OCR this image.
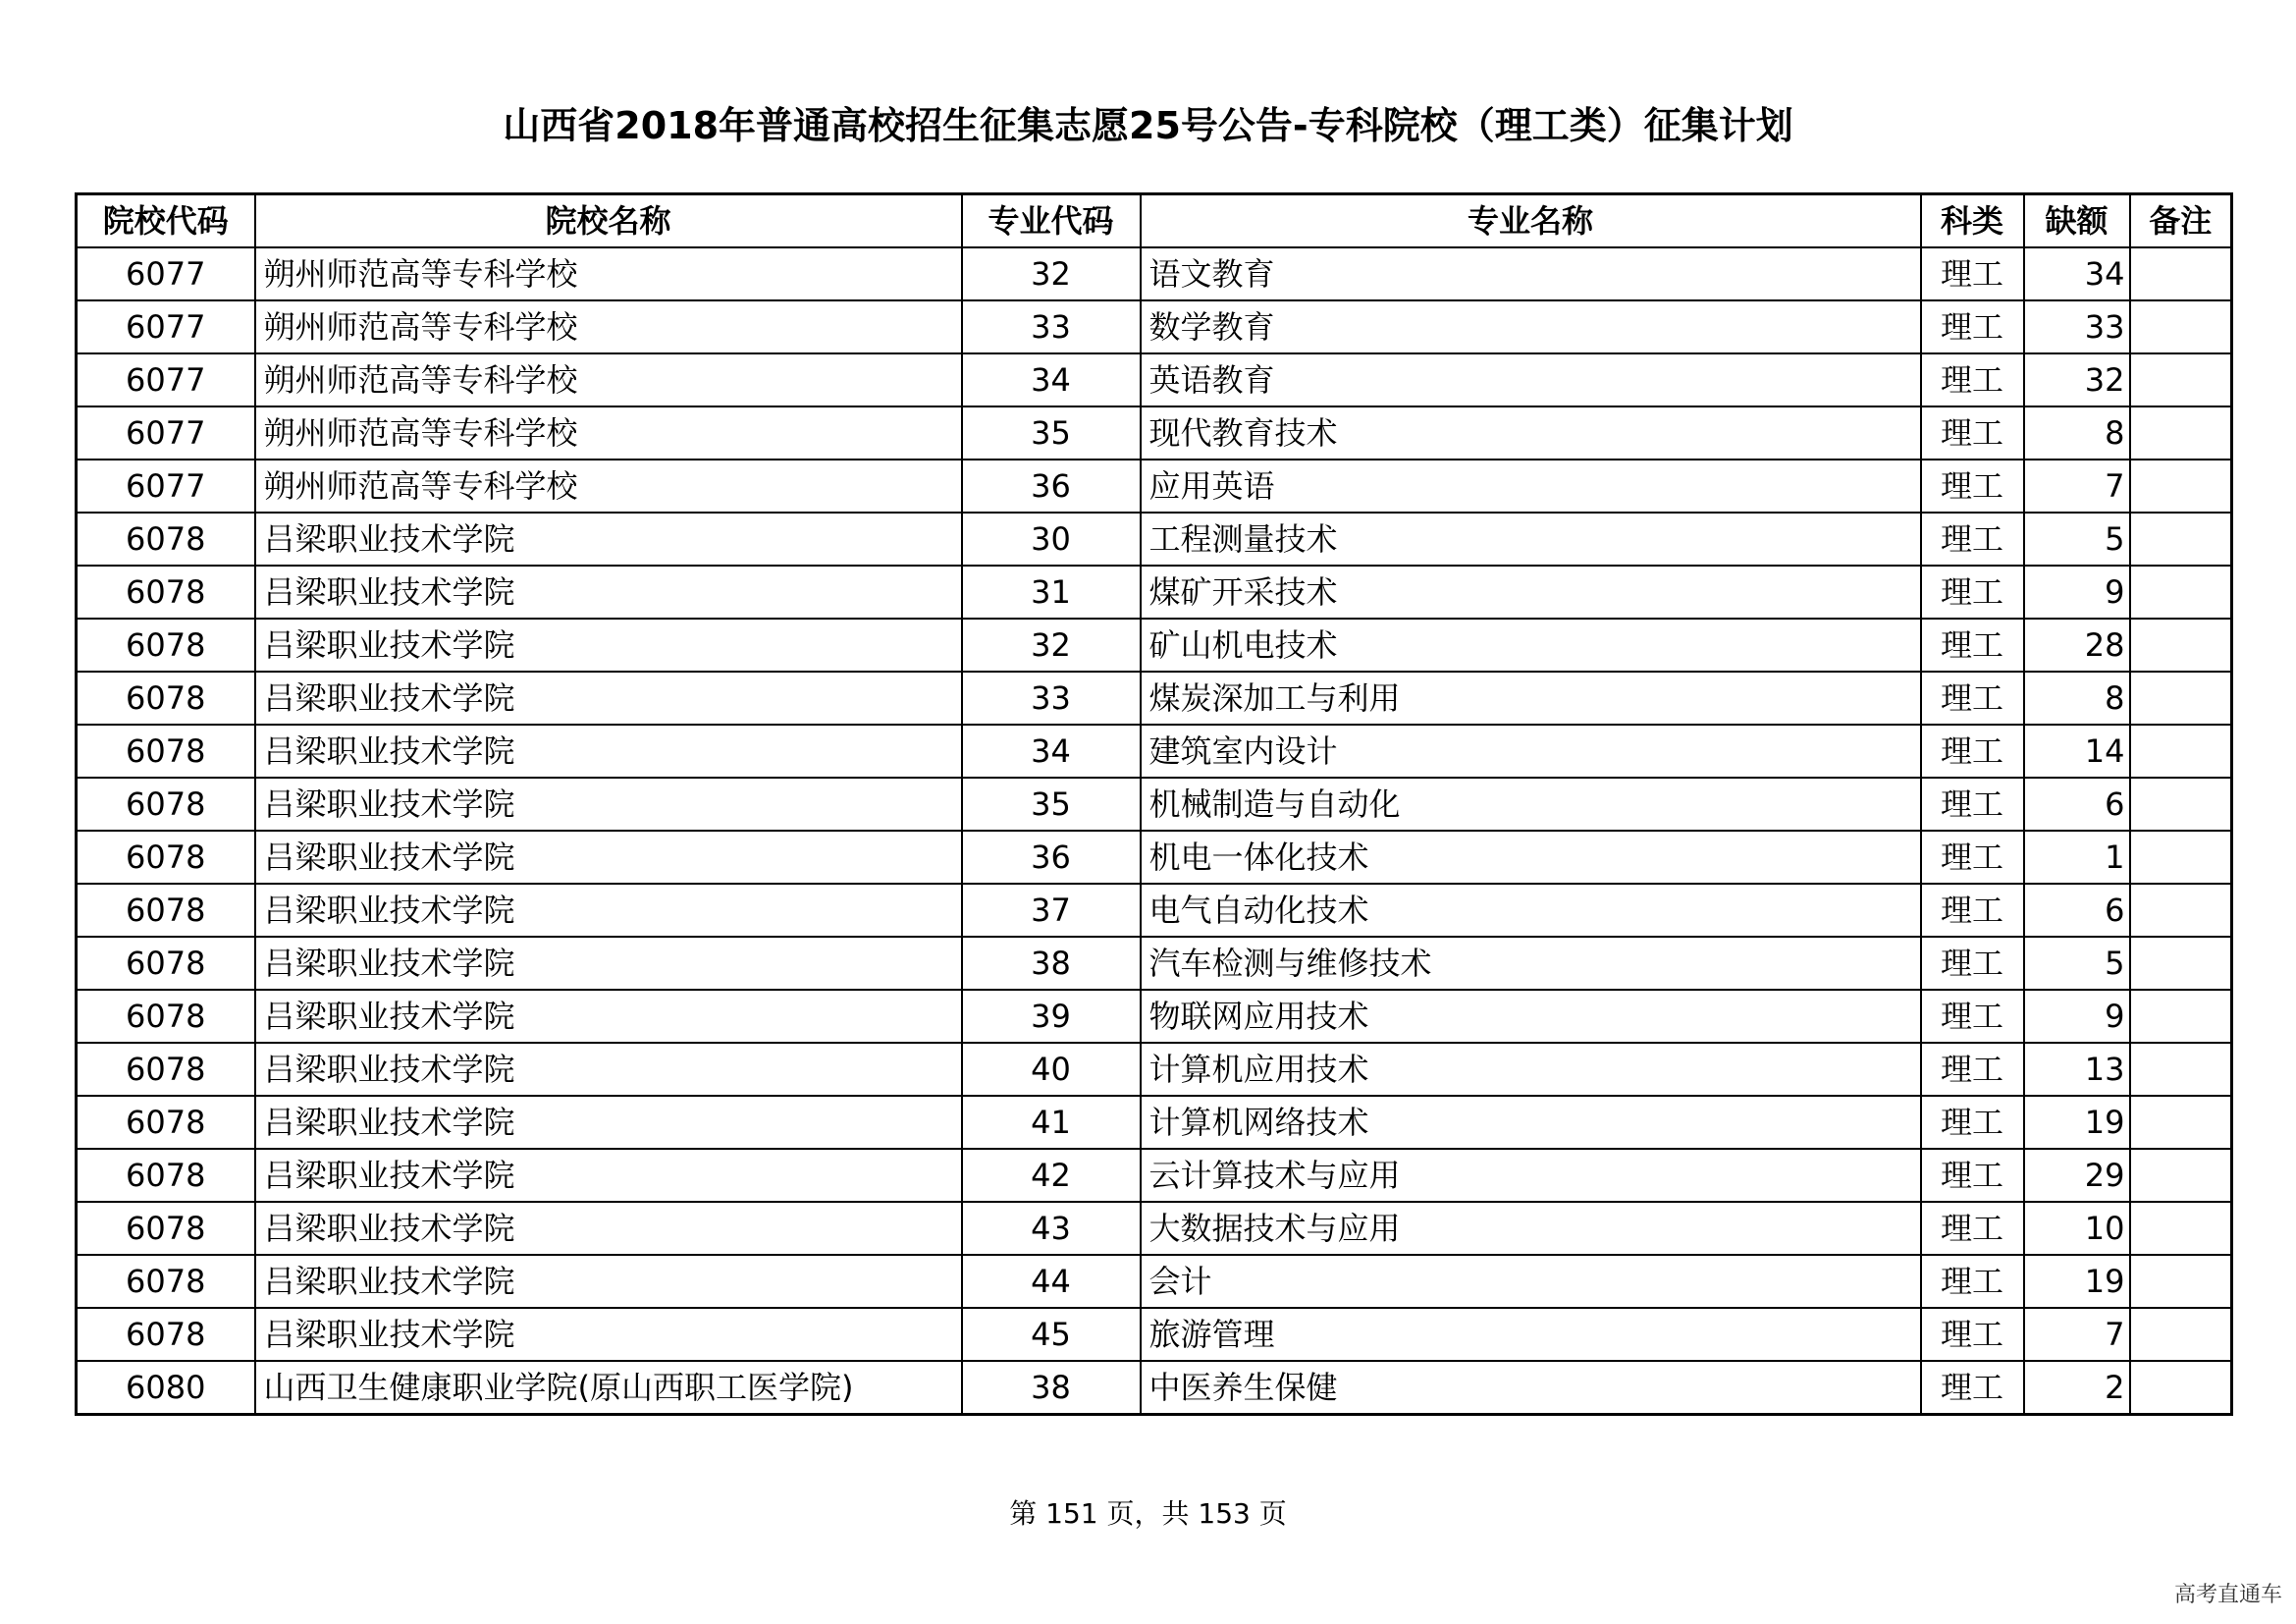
山西省2018年普通高校招生征集志愿25号公告-专科院校（理工类）征集计划
院校代码	院校名称	专业代码	专业名称	科类	缺额	备注
6077	朔州师范高等专科学校	32	语文教育	理工	34	
6077	朔州师范高等专科学校	33	数学教育	理工	33	
6077	朔州师范高等专科学校	34	英语教育	理工	32	
6077	朔州师范高等专科学校	35	现代教育技术	理工	8	
6077	朔州师范高等专科学校	36	应用英语	理工	7	
6078	吕梁职业技术学院	30	工程测量技术	理工	5	
6078	吕梁职业技术学院	31	煤矿开采技术	理工	9	
6078	吕梁职业技术学院	32	矿山机电技术	理工	28	
6078	吕梁职业技术学院	33	煤炭深加工与利用	理工	8	
6078	吕梁职业技术学院	34	建筑室内设计	理工	14	
6078	吕梁职业技术学院	35	机械制造与自动化	理工	6	
6078	吕梁职业技术学院	36	机电一体化技术	理工	1	
6078	吕梁职业技术学院	37	电气自动化技术	理工	6	
6078	吕梁职业技术学院	38	汽车检测与维修技术	理工	5	
6078	吕梁职业技术学院	39	物联网应用技术	理工	9	
6078	吕梁职业技术学院	40	计算机应用技术	理工	13	
6078	吕梁职业技术学院	41	计算机网络技术	理工	19	
6078	吕梁职业技术学院	42	云计算技术与应用	理工	29	
6078	吕梁职业技术学院	43	大数据技术与应用	理工	10	
6078	吕梁职业技术学院	44	会计	理工	19	
6078	吕梁职业技术学院	45	旅游管理	理工	7	
6080	山西卫生健康职业学院(原山西职工医学院)	38	中医养生保健	理工	2	
第 151 页，共 153 页
高考直通车
